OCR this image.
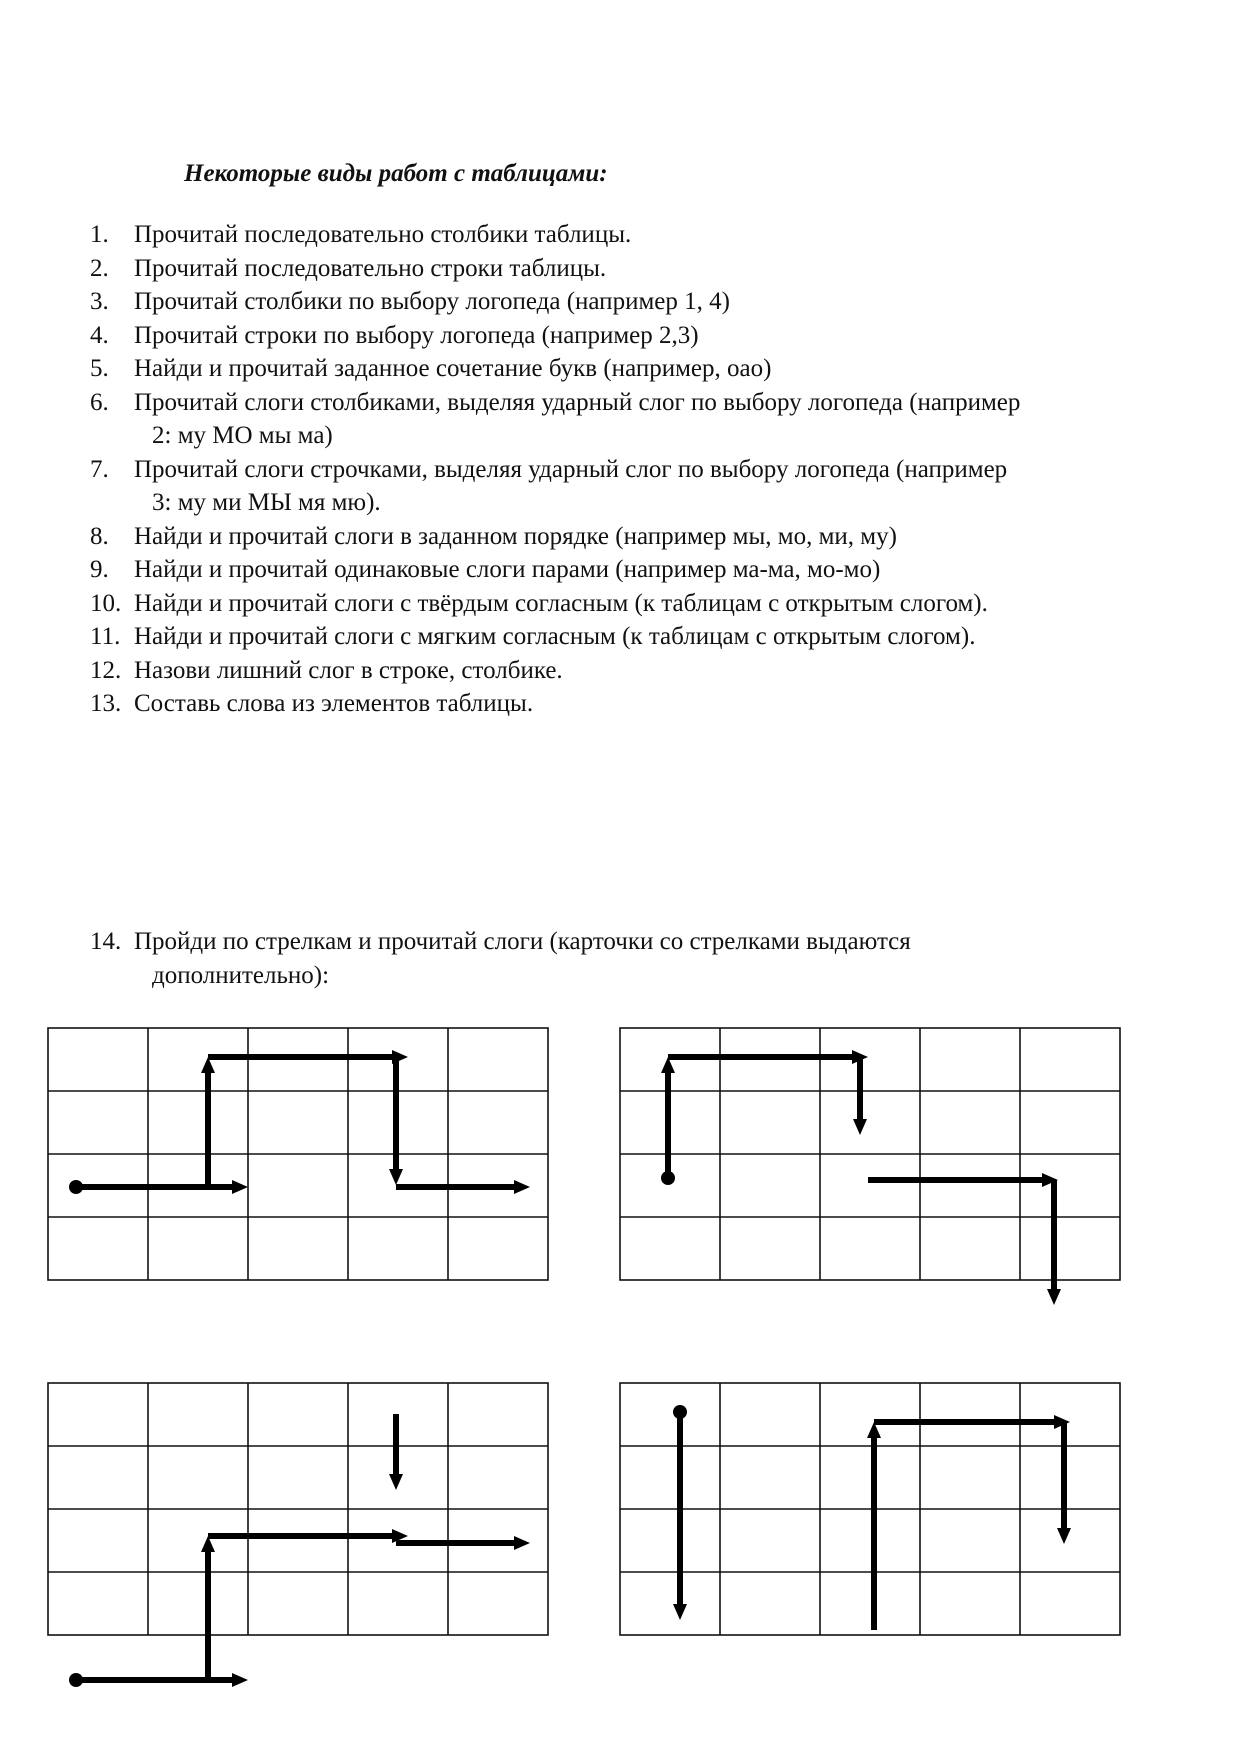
Некоторые виды работ с таблицами:
1. Прочитай последовательно столбики таблицы.
2. Прочитай последовательно строки таблицы.
3. Прочитай столбики по выбору логопеда (например 1, 4)
4. Прочитай строки по выбору логопеда (например 2,3)
5. Найди и прочитай заданное сочетание букв (например, оао)
6. Прочитай слоги столбиками, выделяя ударный слог по выбору логопеда (например
2: му МО мы ма)
7. Прочитай слоги строчками, выделяя ударный слог по выбору логопеда (например
3: му ми МЫ мя мю).
8. Найди и прочитай слоги в заданном порядке (например мы, мо, ми, му)
9. Найди и прочитай одинаковые слоги парами (например ма-ма, мо-мо)
10. Найди и прочитай слоги с твёрдым согласным (к таблицам с открытым слогом).
11. Найди и прочитай слоги с мягким согласным (к таблицам с открытым слогом).
12. Назови лишний слог в строке, столбике.
13. Составь слова из элементов таблицы.
14. Пройди по стрелкам и прочитай слоги (карточки со стрелками выдаются
дополнительно):
